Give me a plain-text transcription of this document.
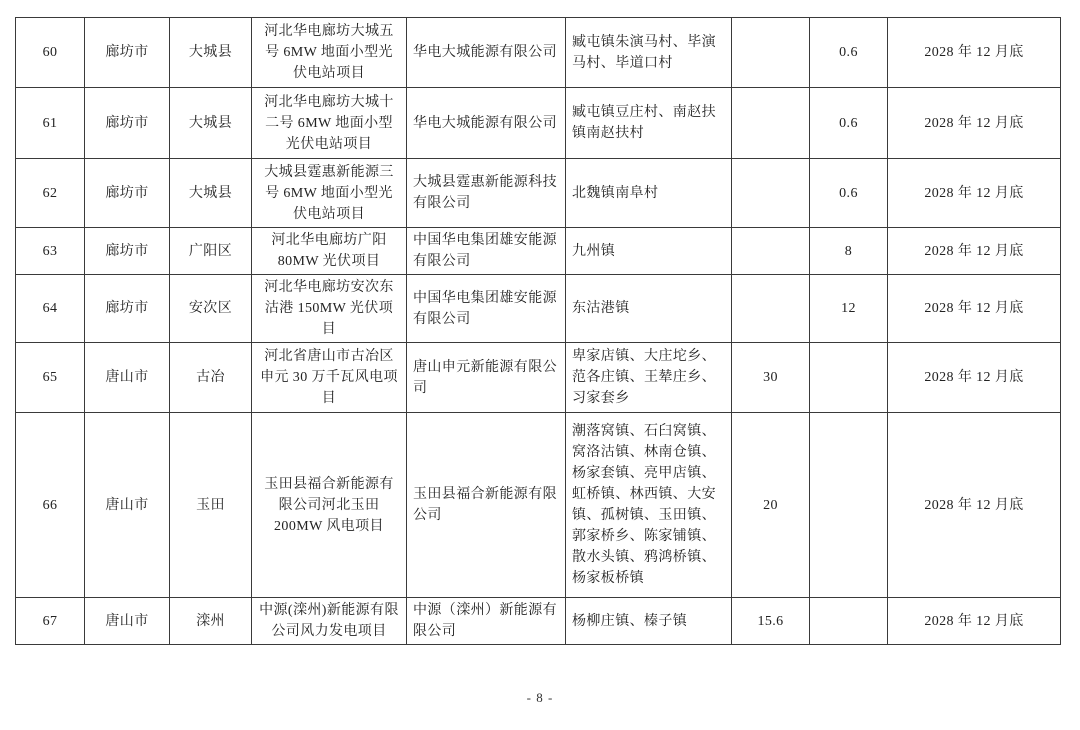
60	廊坊市	大城县	河北华电廊坊大城五号 6MW 地面小型光伏电站项目	华电大城能源有限公司	臧屯镇朱演马村、毕演马村、毕道口村		0.6	2028 年 12 月底
61	廊坊市	大城县	河北华电廊坊大城十二号 6MW 地面小型光伏电站项目	华电大城能源有限公司	臧屯镇豆庄村、南赵扶镇南赵扶村		0.6	2028 年 12 月底
62	廊坊市	大城县	大城县霆惠新能源三号 6MW 地面小型光伏电站项目	大城县霆惠新能源科技有限公司	北魏镇南阜村		0.6	2028 年 12 月底
63	廊坊市	广阳区	河北华电廊坊广阳 80MW 光伏项目	中国华电集团雄安能源有限公司	九州镇		8	2028 年 12 月底
64	廊坊市	安次区	河北华电廊坊安次东沽港 150MW 光伏项目	中国华电集团雄安能源有限公司	东沽港镇		12	2028 年 12 月底
65	唐山市	古冶	河北省唐山市古冶区申元 30 万千瓦风电项目	唐山申元新能源有限公司	卑家店镇、大庄坨乡、范各庄镇、王辇庄乡、习家套乡	30		2028 年 12 月底
66	唐山市	玉田	玉田县福合新能源有限公司河北玉田 200MW 风电项目	玉田县福合新能源有限公司	潮落窝镇、石臼窝镇、窝洛沽镇、林南仓镇、杨家套镇、亮甲店镇、虹桥镇、林西镇、大安镇、孤树镇、玉田镇、郭家桥乡、陈家铺镇、散水头镇、鸦鸿桥镇、杨家板桥镇	20		2028 年 12 月底
67	唐山市	滦州	中源(滦州)新能源有限公司风力发电项目	中源（滦州）新能源有限公司	杨柳庄镇、榛子镇	15.6		2028 年 12 月底
- 8 -
